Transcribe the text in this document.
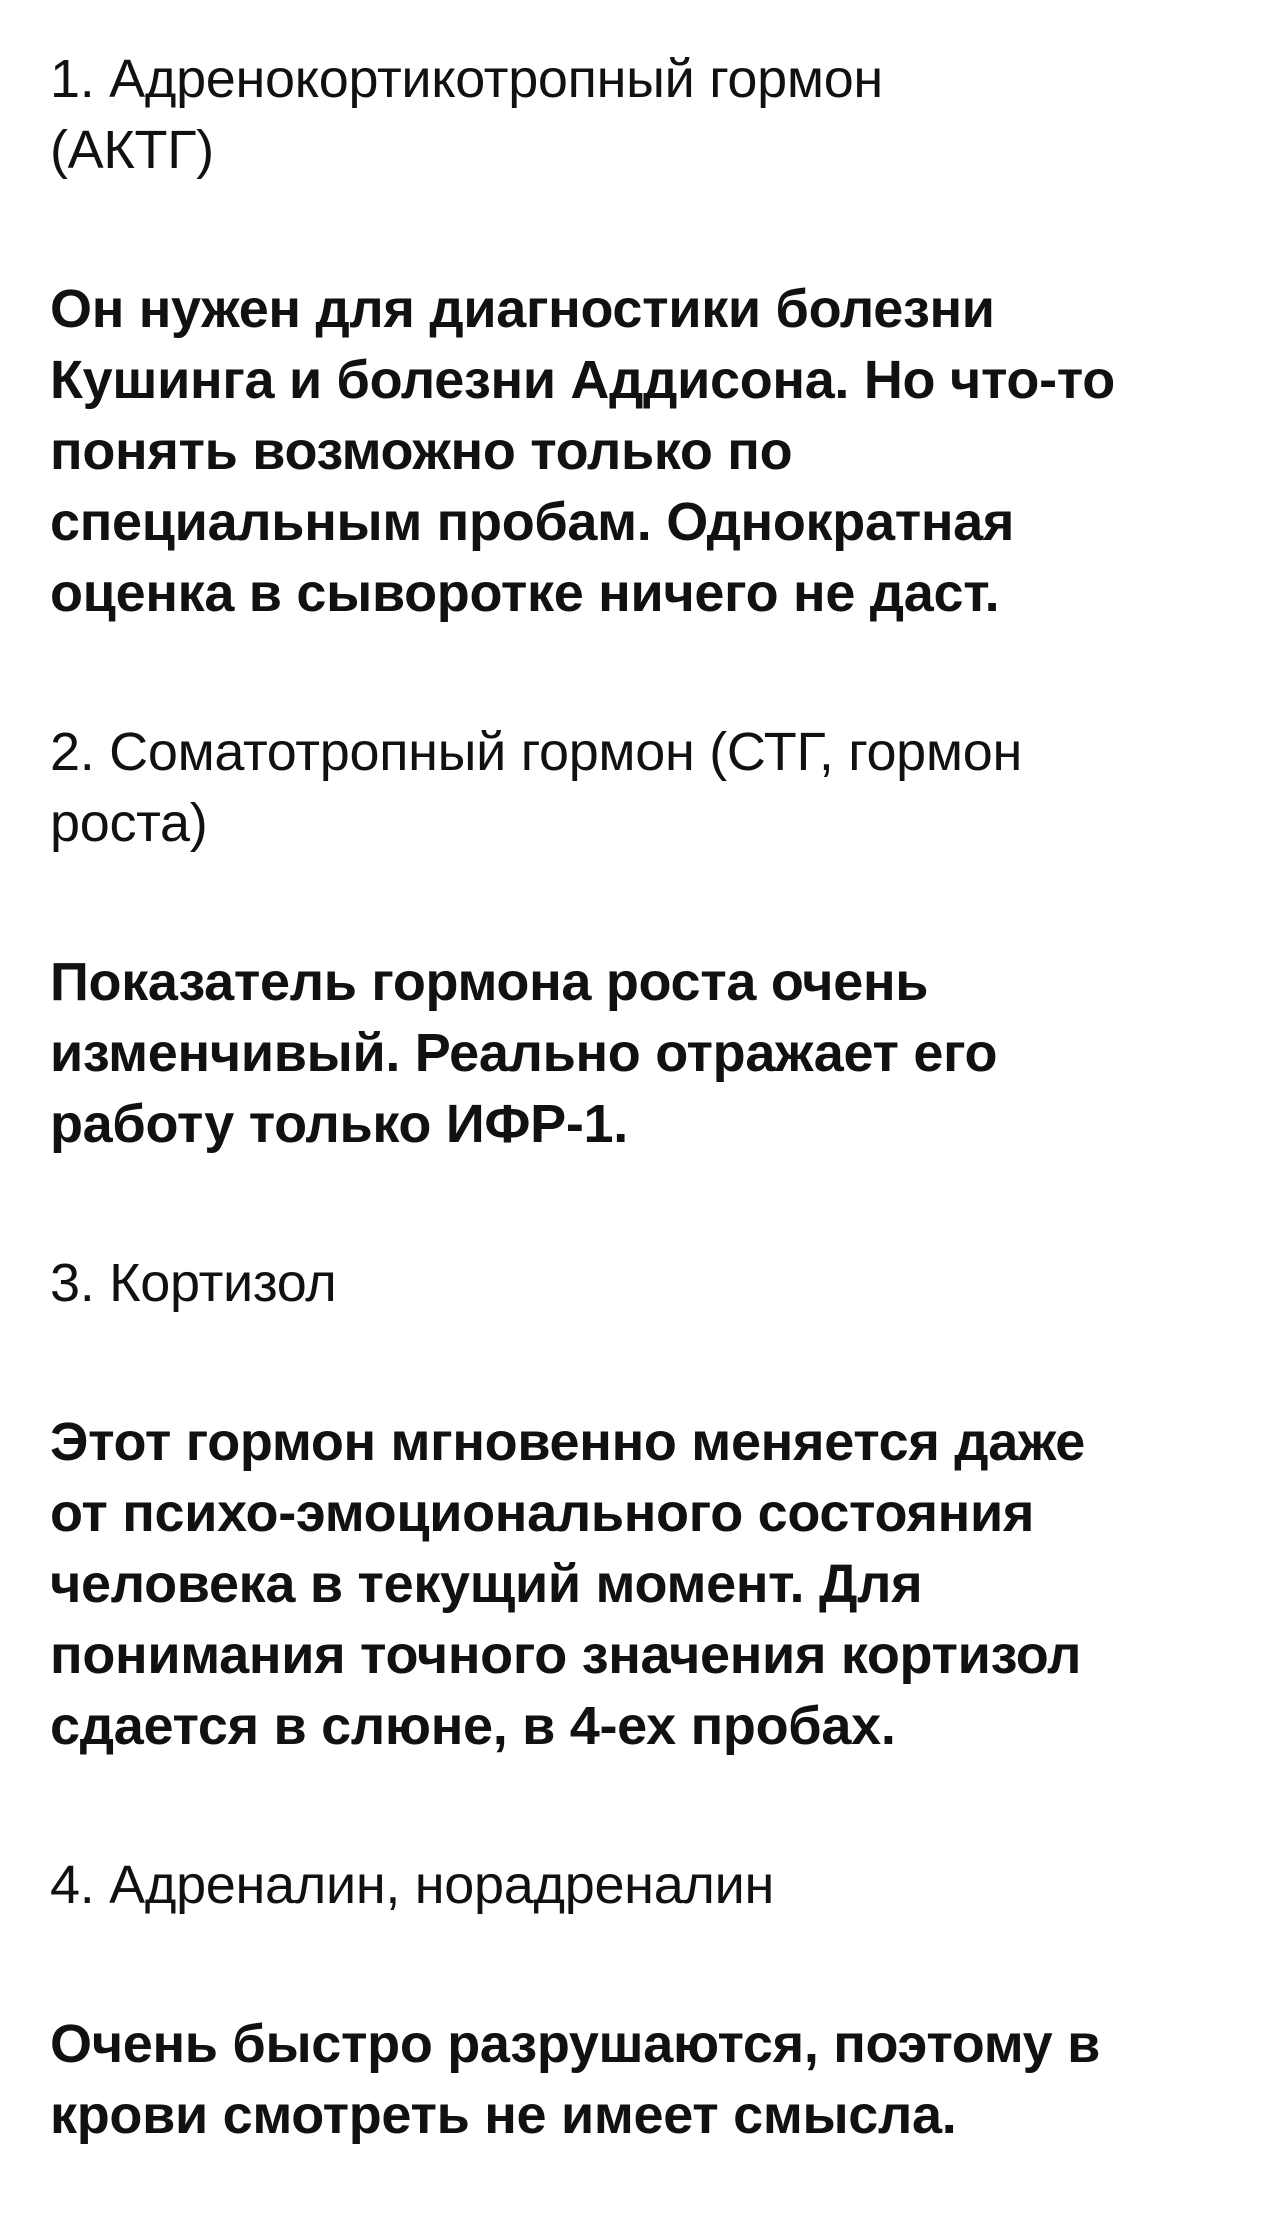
1. Адренокортикотропный гормон
(АКТГ)
Он нужен для диагностики болезни
Кушинга и болезни Аддисона. Но что-то
понять возможно только по
специальным пробам. Однократная
оценка в сыворотке ничего не даст.
2. Соматотропный гормон (СТГ, гормон
роста)
Показатель гормона роста очень
изменчивый. Реально отражает его
работу только ИФР-1.
3. Кортизол
Этот гормон мгновенно меняется даже
от психо-эмоционального состояния
человека в текущий момент. Для
понимания точного значения кортизол
сдается в слюне, в 4-ех пробах.
4. Адреналин, норадреналин
Очень быстро разрушаются, поэтому в
крови смотреть не имеет смысла.
